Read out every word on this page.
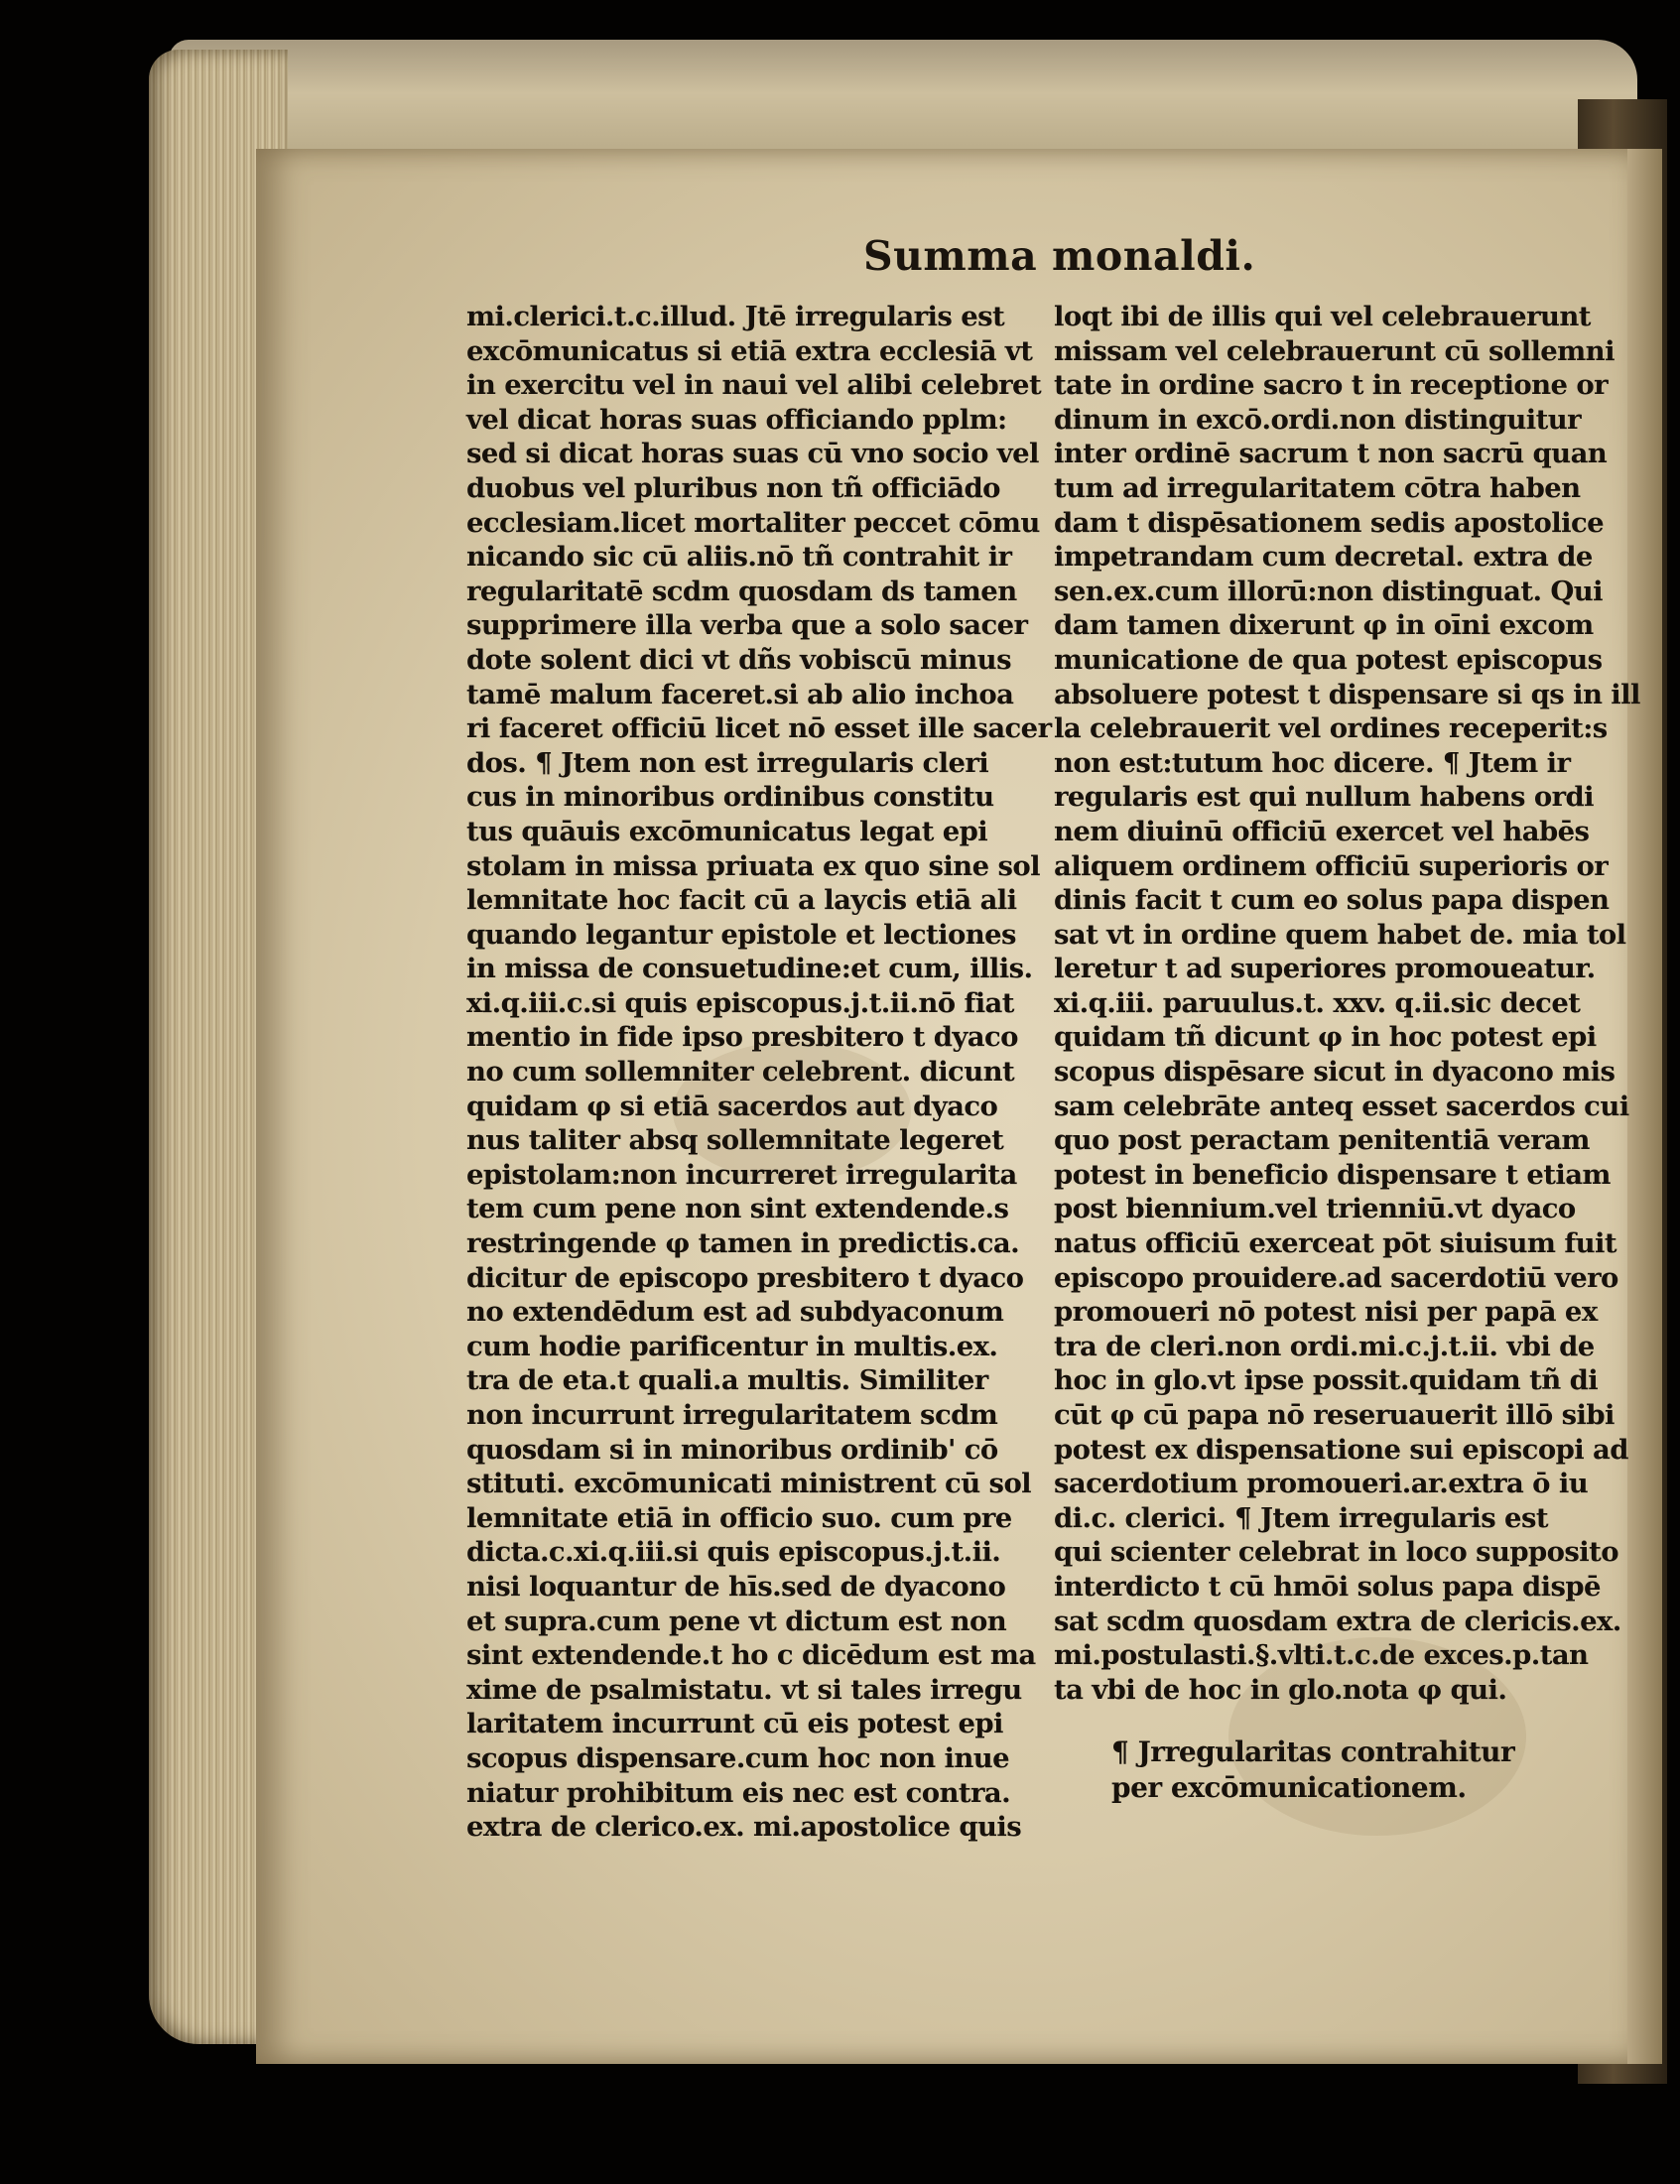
Summa monaldi.
mi.clerici.t.c.illud. Jtē irregularis est
excōmunicatus si etiā extra ecclesiā vt
in exercitu vel in naui vel alibi celebret
vel dicat horas suas officiando pplm:
sed si dicat horas suas cū vno socio vel
duobus vel pluribus non tñ officiādo
ecclesiam.licet mortaliter peccet cōmu
nicando sic cū aliis.nō tñ contrahit ir
regularitatē scdm quosdam ds tamen
supprimere illa verba que a solo sacer
dote solent dici vt dñs vobiscū minus
tamē malum faceret.si ab alio inchoa
ri faceret officiū licet nō esset ille sacer
dos. ¶ Jtem non est irregularis cleri
cus in minoribus ordinibus constitu
tus quāuis excōmunicatus legat epi
stolam in missa priuata ex quo sine sol
lemnitate hoc facit cū a laycis etiā ali
quando legantur epistole et lectiones
in missa de consuetudine:et cum, illis.
xi.q.iii.c.si quis episcopus.j.t.ii.nō fiat
mentio in fide ipso presbitero t dyaco
no cum sollemniter celebrent. dicunt
quidam φ si etiā sacerdos aut dyaco
nus taliter absq sollemnitate legeret
epistolam:non incurreret irregularita
tem cum pene non sint extendende.s
restringende φ tamen in predictis.ca.
dicitur de episcopo presbitero t dyaco
no extendēdum est ad subdyaconum
cum hodie parificentur in multis.ex.
tra de eta.t quali.a multis. Similiter
non incurrunt irregularitatem scdm
quosdam si in minoribus ordinib' cō
stituti. excōmunicati ministrent cū sol
lemnitate etiā in officio suo. cum pre
dicta.c.xi.q.iii.si quis episcopus.j.t.ii.
nisi loquantur de hīs.sed de dyacono
et supra.cum pene vt dictum est non
sint extendende.t ho c dicēdum est ma
xime de psalmistatu. vt si tales irregu
laritatem incurrunt cū eis potest epi
scopus dispensare.cum hoc non inue
niatur prohibitum eis nec est contra.
extra de clerico.ex. mi.apostolice quis
loqt ibi de illis qui vel celebrauerunt
missam vel celebrauerunt cū sollemni
tate in ordine sacro t in receptione or
dinum in excō.ordi.non distinguitur
inter ordinē sacrum t non sacrū quan
tum ad irregularitatem cōtra haben
dam t dispēsationem sedis apostolice
impetrandam cum decretal. extra de
sen.ex.cum illorū:non distinguat. Qui
dam tamen dixerunt φ in oīni excom
municatione de qua potest episcopus
absoluere potest t dispensare si qs in ill
la celebrauerit vel ordines receperit:s
non est:tutum hoc dicere. ¶ Jtem ir
regularis est qui nullum habens ordi
nem diuinū officiū exercet vel habēs
aliquem ordinem officiū superioris or
dinis facit t cum eo solus papa dispen
sat vt in ordine quem habet de. mia tol
leretur t ad superiores promoueatur.
xi.q.iii. paruulus.t. xxv. q.ii.sic decet
quidam tñ dicunt φ in hoc potest epi
scopus dispēsare sicut in dyacono mis
sam celebrāte anteq esset sacerdos cui
quo post peractam penitentiā veram
potest in beneficio dispensare t etiam
post biennium.vel trienniū.vt dyaco
natus officiū exerceat pōt siuisum fuit
episcopo prouidere.ad sacerdotiū vero
promoueri nō potest nisi per papā ex
tra de cleri.non ordi.mi.c.j.t.ii. vbi de
hoc in glo.vt ipse possit.quidam tñ di
cūt φ cū papa nō reseruauerit illō sibi
potest ex dispensatione sui episcopi ad
sacerdotium promoueri.ar.extra ō iu
di.c. clerici. ¶ Jtem irregularis est
qui scienter celebrat in loco supposito
interdicto t cū hmōi solus papa dispē
sat scdm quosdam extra de clericis.ex.
mi.postulasti.§.vlti.t.c.de exces.p.tan
ta vbi de hoc in glo.nota φ qui.
¶ Jrregularitas contrahitur
per excōmunicationem.
